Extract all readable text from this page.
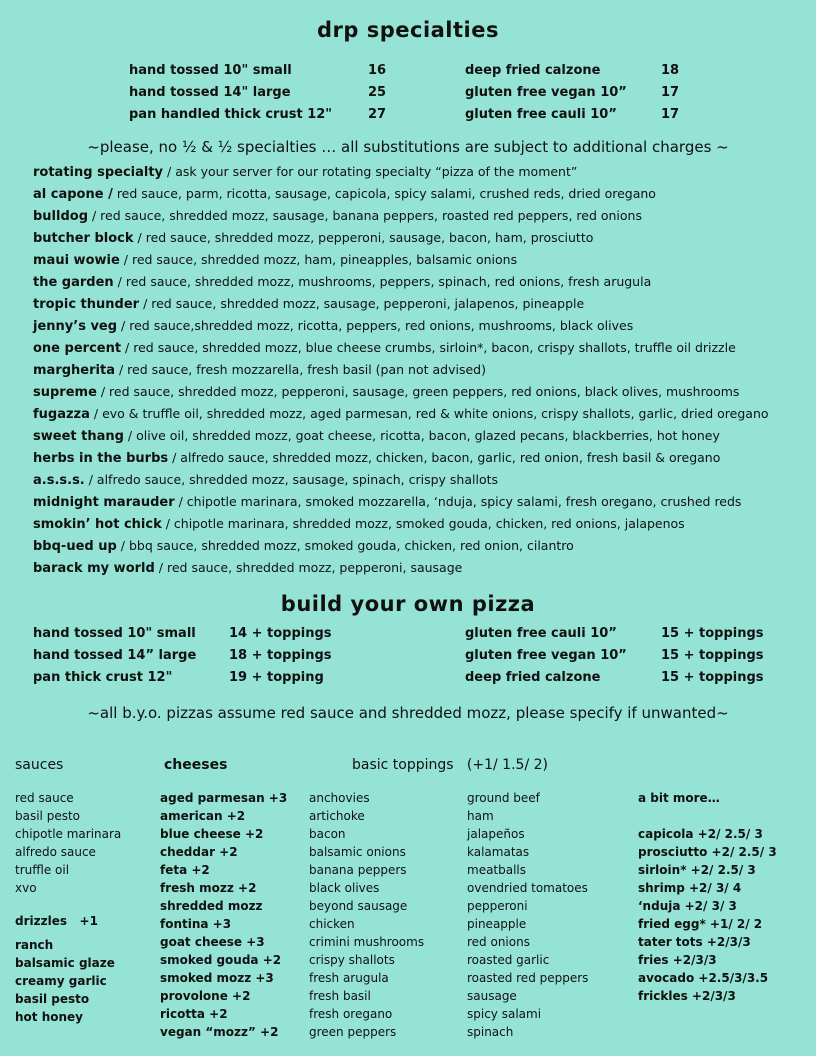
drp specialties
hand tossed 10" small	16
hand tossed 14" large	25
pan handled thick crust 12"	27
deep fried calzone	18
gluten free vegan 10”	17
gluten free cauli 10”	17
~please, no ½ & ½ specialties … all substitutions are subject to additional charges ~
rotating specialty / ask your server for our rotating specialty “pizza of the moment”
al capone / red sauce, parm, ricotta, sausage, capicola, spicy salami, crushed reds, dried oregano
bulldog / red sauce, shredded mozz, sausage, banana peppers, roasted red peppers, red onions
butcher block / red sauce, shredded mozz, pepperoni, sausage, bacon, ham, prosciutto
maui wowie / red sauce, shredded mozz, ham, pineapples, balsamic onions
the garden / red sauce, shredded mozz, mushrooms, peppers, spinach, red onions, fresh arugula
tropic thunder / red sauce, shredded mozz, sausage, pepperoni, jalapenos, pineapple
jenny’s veg / red sauce,shredded mozz, ricotta, peppers, red onions, mushrooms, black olives
one percent / red sauce, shredded mozz, blue cheese crumbs, sirloin*, bacon, crispy shallots, truffle oil drizzle
margherita / red sauce, fresh mozzarella, fresh basil (pan not advised)
supreme / red sauce, shredded mozz, pepperoni, sausage, green peppers, red onions, black olives, mushrooms
fugazza / evo & truffle oil, shredded mozz, aged parmesan, red & white onions, crispy shallots, garlic, dried oregano
sweet thang / olive oil, shredded mozz, goat cheese, ricotta, bacon, glazed pecans, blackberries, hot honey
herbs in the burbs / alfredo sauce, shredded mozz, chicken, bacon, garlic, red onion, fresh basil & oregano
a.s.s.s. / alfredo sauce, shredded mozz, sausage, spinach, crispy shallots
midnight marauder / chipotle marinara, smoked mozzarella, ‘nduja, spicy salami, fresh oregano, crushed reds
smokin’ hot chick / chipotle marinara, shredded mozz, smoked gouda, chicken, red onions, jalapenos
bbq-ued up / bbq sauce, shredded mozz, smoked gouda, chicken, red onion, cilantro
barack my world / red sauce, shredded mozz, pepperoni, sausage
build your own pizza
hand tossed 10" small	14 + toppings
hand tossed 14” large	18 + toppings
pan thick crust 12"	19 + topping
gluten free cauli 10”	15 + toppings
gluten free vegan 10”	15 + toppings
deep fried calzone	15 + toppings
~all b.y.o. pizzas assume red sauce and shredded mozz, please specify if unwanted~
sauces	cheeses	basic toppings   (+1/ 1.5/ 2)
red sauce
basil pesto
chipotle marinara
alfredo sauce
truffle oil
xvo
drizzles   +1
ranch
balsamic glaze
creamy garlic
basil pesto
hot honey
aged parmesan +3
american +2
blue cheese +2
cheddar +2
feta +2
fresh mozz +2
shredded mozz
fontina +3
goat cheese +3
smoked gouda +2
smoked mozz +3
provolone +2
ricotta +2
vegan “mozz” +2
anchovies
artichoke
bacon
balsamic onions
banana peppers
black olives
beyond sausage
chicken
crimini mushrooms
crispy shallots
fresh arugula
fresh basil
fresh oregano
green peppers
ground beef
ham
jalapeños
kalamatas
meatballs
ovendried tomatoes
pepperoni
pineapple
red onions
roasted garlic
roasted red peppers
sausage
spicy salami
spinach
a bit more…
capicola +2/ 2.5/ 3
prosciutto +2/ 2.5/ 3
sirloin* +2/ 2.5/ 3
shrimp +2/ 3/ 4
‘nduja +2/ 3/ 3
fried egg* +1/ 2/ 2
tater tots +2/3/3
fries +2/3/3
avocado +2.5/3/3.5
frickles +2/3/3
